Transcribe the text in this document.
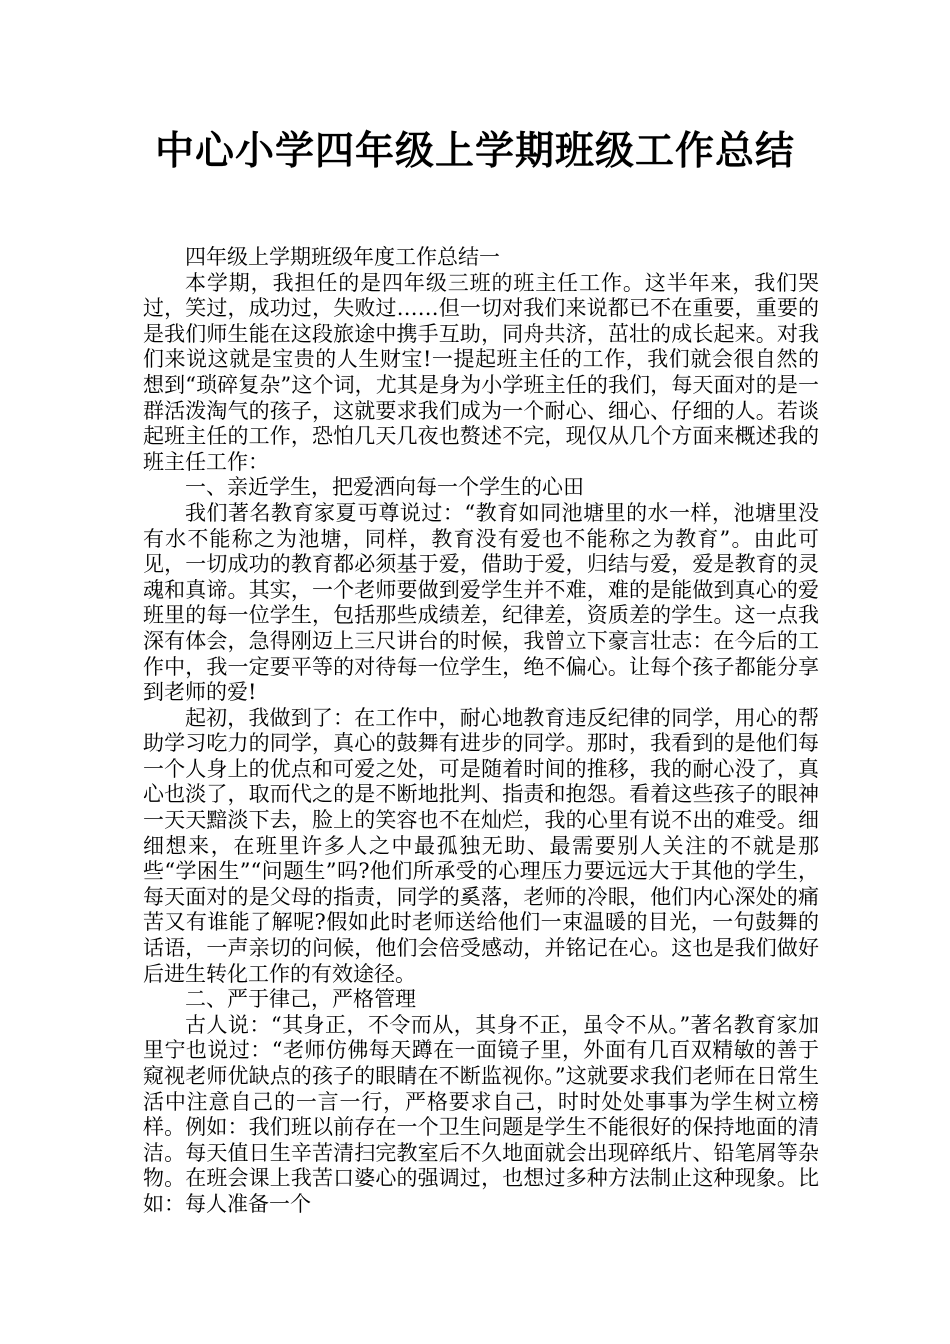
中心小学四年级上学期班级工作总结

四年级上学期班级年度工作总结一

本学期，我担任的是四年级三班的班主任工作。这半年来，我们哭过，笑过，成功过，失败过……但一切对我们来说都已不在重要，重要的是我们师生能在这段旅途中携手互助，同舟共济，茁壮的成长起来。对我们来说这就是宝贵的人生财宝!一提起班主任的工作，我们就会很自然的想到“琐碎复杂”这个词，尤其是身为小学班主任的我们，每天面对的是一群活泼淘气的孩子，这就要求我们成为一个耐心、细心、仔细的人。若谈起班主任的工作，恐怕几天几夜也赘述不完，现仅从几个方面来概述我的班主任工作：

一、亲近学生，把爱洒向每一个学生的心田

我们著名教育家夏丏尊说过：“教育如同池塘里的水一样，池塘里没有水不能称之为池塘，同样，教育没有爱也不能称之为教育”。由此可见，一切成功的教育都必须基于爱，借助于爱，归结与爱，爱是教育的灵魂和真谛。其实，一个老师要做到爱学生并不难，难的是能做到真心的爱班里的每一位学生，包括那些成绩差，纪律差，资质差的学生。这一点我深有体会，急得刚迈上三尺讲台的时候，我曾立下豪言壮志：在今后的工作中，我一定要平等的对待每一位学生，绝不偏心。让每个孩子都能分享到老师的爱!

起初，我做到了：在工作中，耐心地教育违反纪律的同学，用心的帮助学习吃力的同学，真心的鼓舞有进步的同学。那时，我看到的是他们每一个人身上的优点和可爱之处，可是随着时间的推移，我的耐心没了，真心也淡了，取而代之的是不断地批判、指责和抱怨。看着这些孩子的眼神一天天黯淡下去，脸上的笑容也不在灿烂，我的心里有说不出的难受。细细想来，在班里许多人之中最孤独无助、最需要别人关注的不就是那些“学困生”“问题生”吗?他们所承受的心理压力要远远大于其他的学生，每天面对的是父母的指责，同学的奚落，老师的冷眼，他们内心深处的痛苦又有谁能了解呢?假如此时老师送给他们一束温暖的目光，一句鼓舞的话语，一声亲切的问候，他们会倍受感动，并铭记在心。这也是我们做好后进生转化工作的有效途径。

二、严于律己，严格管理

古人说：“其身正，不令而从，其身不正，虽令不从。”著名教育家加里宁也说过：“老师仿佛每天蹲在一面镜子里，外面有几百双精敏的善于窥视老师优缺点的孩子的眼睛在不断监视你。”这就要求我们老师在日常生活中注意自己的一言一行，严格要求自己，时时处处事事为学生树立榜样。例如：我们班以前存在一个卫生问题是学生不能很好的保持地面的清洁。每天值日生辛苦清扫完教室后不久地面就会出现碎纸片、铅笔屑等杂物。在班会课上我苦口婆心的强调过，也想过多种方法制止这种现象。比如：每人准备一个
